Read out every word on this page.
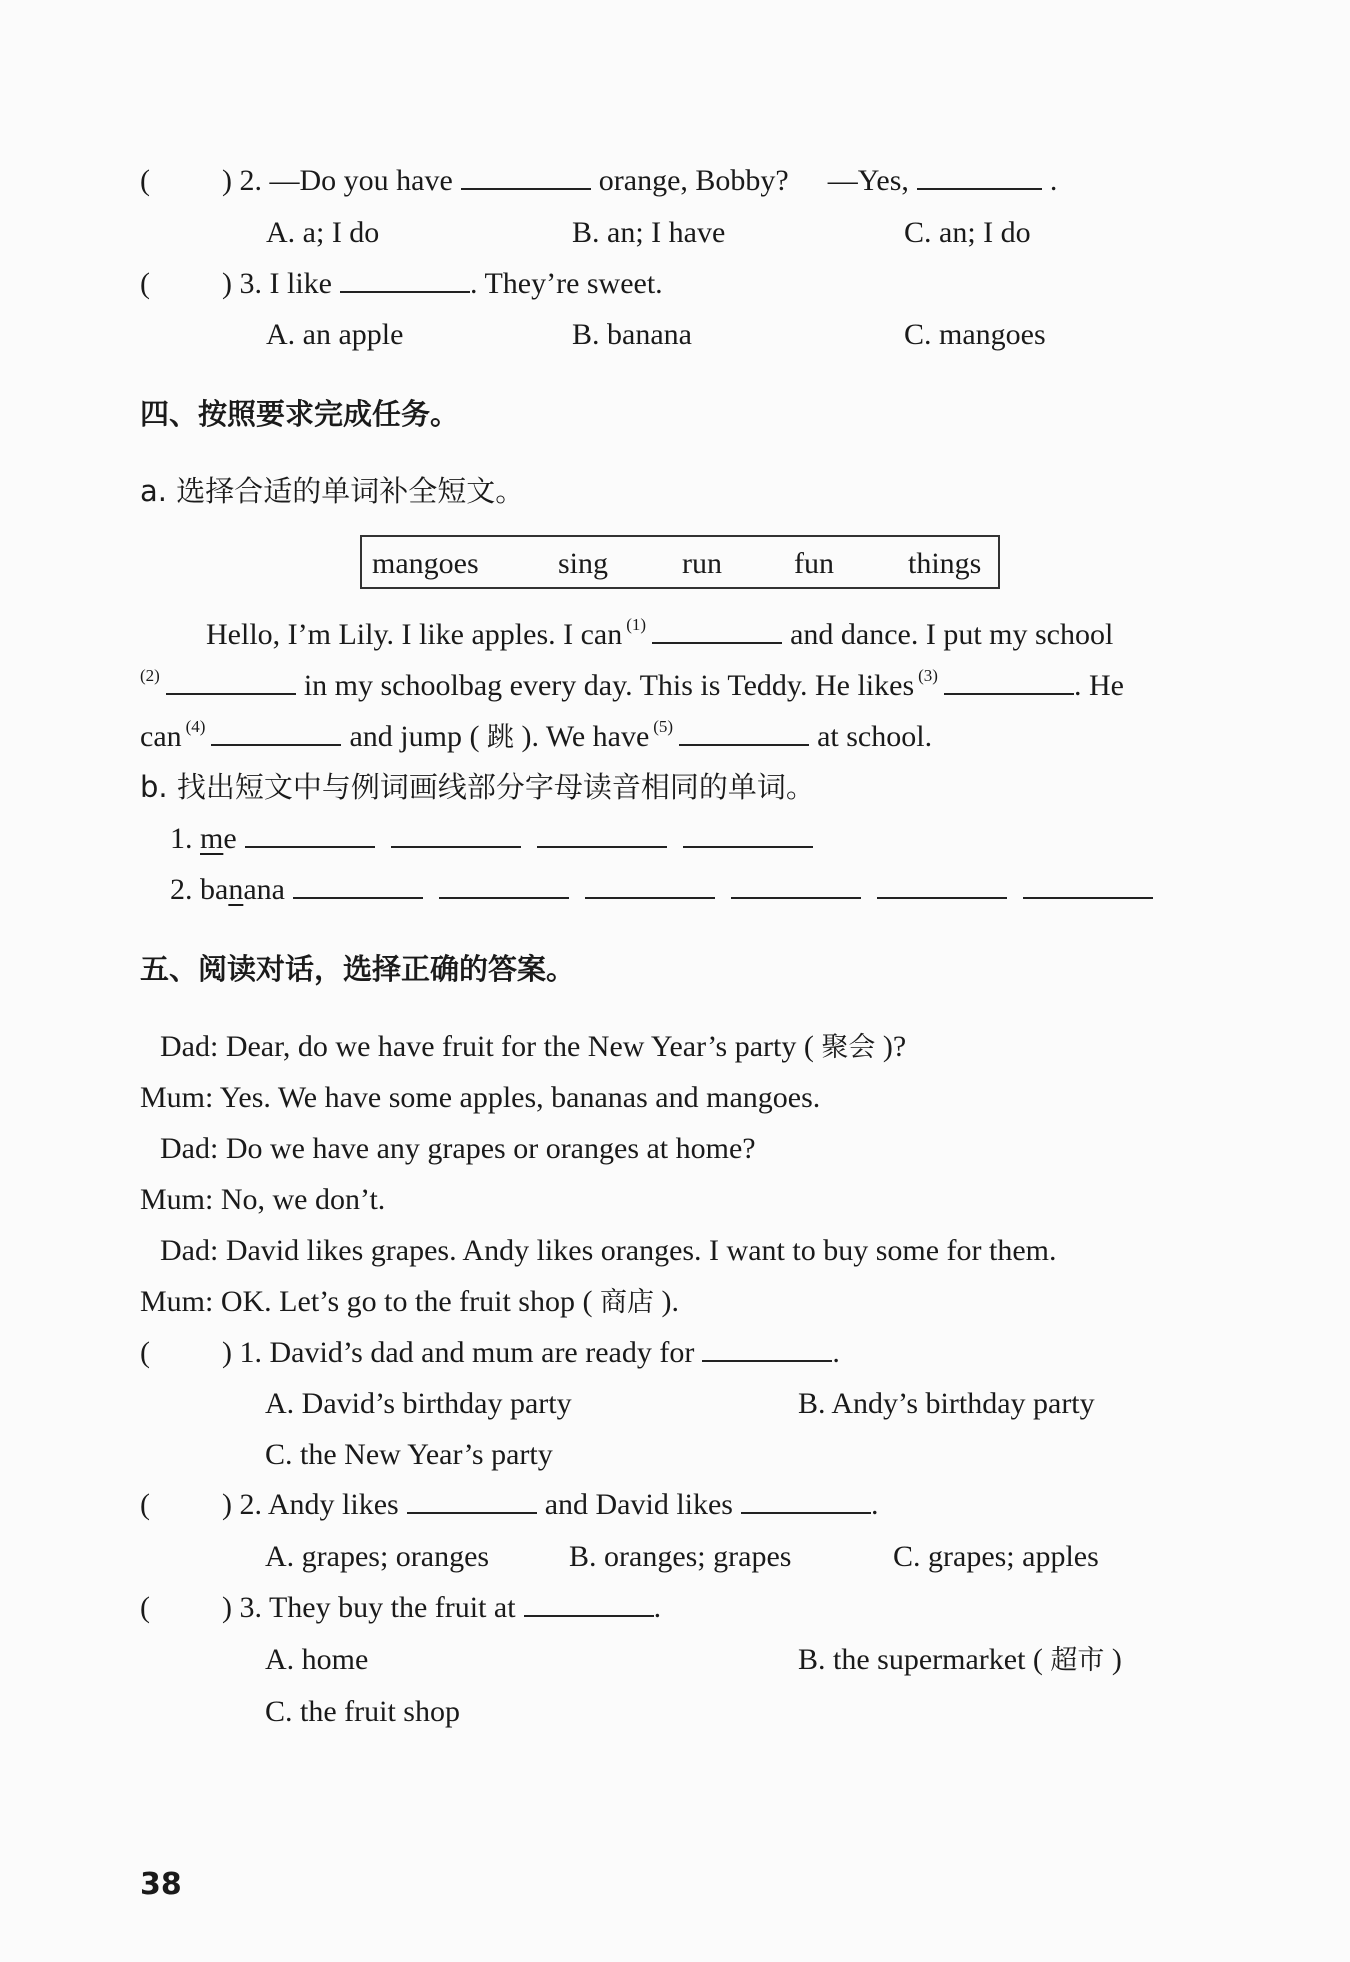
( ) 2. —Do you have	orange, Bobby? —Yes,	.
A. a; I do	B. an; I have	C. an; I do
( ) 3. I like	. They’re sweet.
A. an apple	B. banana	C. mangoes
四、按照要求完成任务。
a. 选择合适的单词补全短文。
mangoes	sing run fun things
Hello, I’m Lily. I like apples. I can $^{(1)}$	and dance. I put my school
$^{(2)}$	in my schoolbag every day. This is Teddy. He likes $^{(3)}$	. He
can $^{(4)}$	and jump ( 跳 ). We have $^{(5)}$	at school.
b. 找出短文中与例词画线部分字母读音相同的单词。
1. me
2. banana
五、阅读对话，选择正确的答案。
Dad: Dear, do we have fruit for the New Year’s party ( 聚会 )?
Mum: Yes. We have some apples, bananas and mangoes.
Dad: Do we have any grapes or oranges at home?
Mum: No, we don’t.
Dad: David likes grapes. Andy likes oranges. I want to buy some for them.
Mum: OK. Let’s go to the fruit shop ( 商店 ).
( ) 1. David’s dad and mum are ready for	.
A. David’s birthday party	B. Andy’s birthday party
C. the New Year’s party
( ) 2. Andy likes	and David likes	.
A. grapes; oranges	B. oranges; grapes	C. grapes; apples
( ) 3. They buy the fruit at	.
A. home	B. the supermarket ( 超市 )
C. the fruit shop
38
